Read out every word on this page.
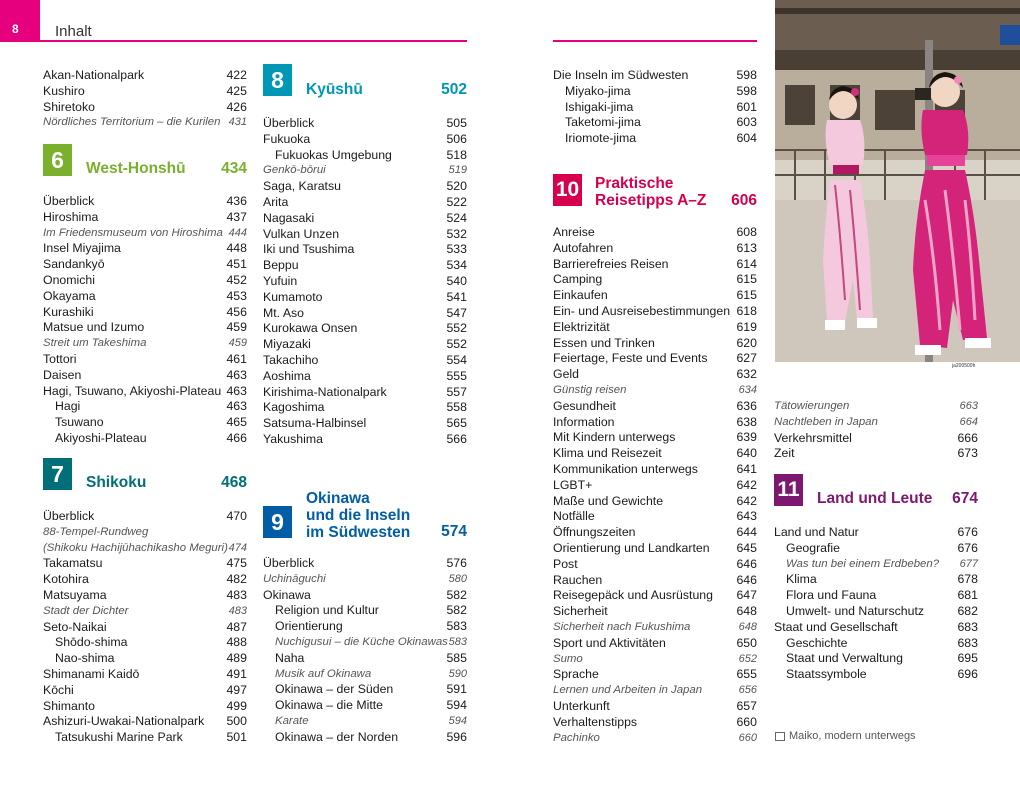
8	Inhalt
Akan-Nationalpark	422
Kushiro	425
Shiretoko	426
Nördliches Territorium – die Kurilen 431
Überblick	436
Hiroshima	437
Im Friedensmuseum von Hiroshima 444
Insel Miyajima	448
Sandankyō	451
Onomichi	452
Okayama	453
Kurashiki	456
Matsue und Izumo	459
Streit um Takeshima	459
Tottori	461
Daisen	463
Hagi, Tsuwano, Akiyoshi-Plateau 463
Hagi	463
Tsuwano	465
Akiyoshi-Plateau	466
Überblick	470
88-Tempel-Rundweg
(Shikoku Hachijūhachikasho Meguri) 474
Takamatsu	475
Kotohira	482
Matsuyama	483
Stadt der Dichter	483
Seto-Naikai	487
Shōdo-shima	488
Nao-shima	489
Shimanami Kaidō	491
Kōchi	497
Shimanto	499
Ashizuri-Uwakai-Nationalpark 500
Tatsukushi Marine Park	501
Überblick	505
Fukuoka	506
Fukuokas Umgebung	518
Genkō-bōrui	519
Saga, Karatsu	520
Arita	522
Nagasaki	524
Vulkan Unzen	532
Iki und Tsushima	533
Beppu	534
Yufuin	540
Kumamoto	541
Mt. Aso	547
Kurokawa Onsen	552
Miyazaki	552
Takachiho	554
Aoshima	555
Kirishima-Nationalpark	557
Kagoshima	558
Satsuma-Halbinsel	565
Yakushima	566
Überblick	576
Uchināguchi	580
Okinawa	582
Religion und Kultur	582
Orientierung	583
Nuchigusui – die Küche Okinawas 583
Naha	585
Musik auf Okinawa	590
Okinawa – der Süden	591
Okinawa – die Mitte	594
Karate	594
Okinawa – der Norden	596
Die Inseln im Südwesten	598
Miyako-jima	598
Ishigaki-jima	601
Taketomi-jima	603
Iriomote-jima	604
Anreise	608
Autofahren	613
Barrierefreies Reisen	614
Camping	615
Einkaufen	615
Ein- und Ausreisebestimmungen 618
Elektrizität	619
Essen und Trinken	620
Feiertage, Feste und Events 627
Geld	632
Günstig reisen	634
Gesundheit	636
Information	638
Mit Kindern unterwegs	639
Klima und Reisezeit	640
Kommunikation unterwegs	641
LGBT+	642
Maße und Gewichte	642
Notfälle	643
Öffnungszeiten	644
Orientierung und Landkarten 645
Post	646
Rauchen	646
Reisegepäck und Ausrüstung 647
Sicherheit	648
Sicherheit nach Fukushima	648
Sport und Aktivitäten	650
Sumo	652
Sprache	655
Lernen und Arbeiten in Japan	656
Unterkunft	657
Verhaltenstipps	660
Pachinko	660
Tätowierungen	663
Nachtleben in Japan	664
Verkehrsmittel	666
Zeit	673
Land und Natur	676
Geografie	676
Was tun bei einem Erdbeben? 677
Klima	678
Flora und Fauna	681
Umwelt- und Naturschutz	682
Staat und Gesellschaft	683
Geschichte	683
Staat und Verwaltung	695
Staatssymbole	696
6	West-Honshū 434
7	Shikoku	468
8	Kyūshū	502
9
Okinawa
und die Inseln
im Südwesten 574
10 Praktische
Reisetipps A–Z 606
11 Land und Leute 674
ja200500h
Maiko, modern unterwegs
